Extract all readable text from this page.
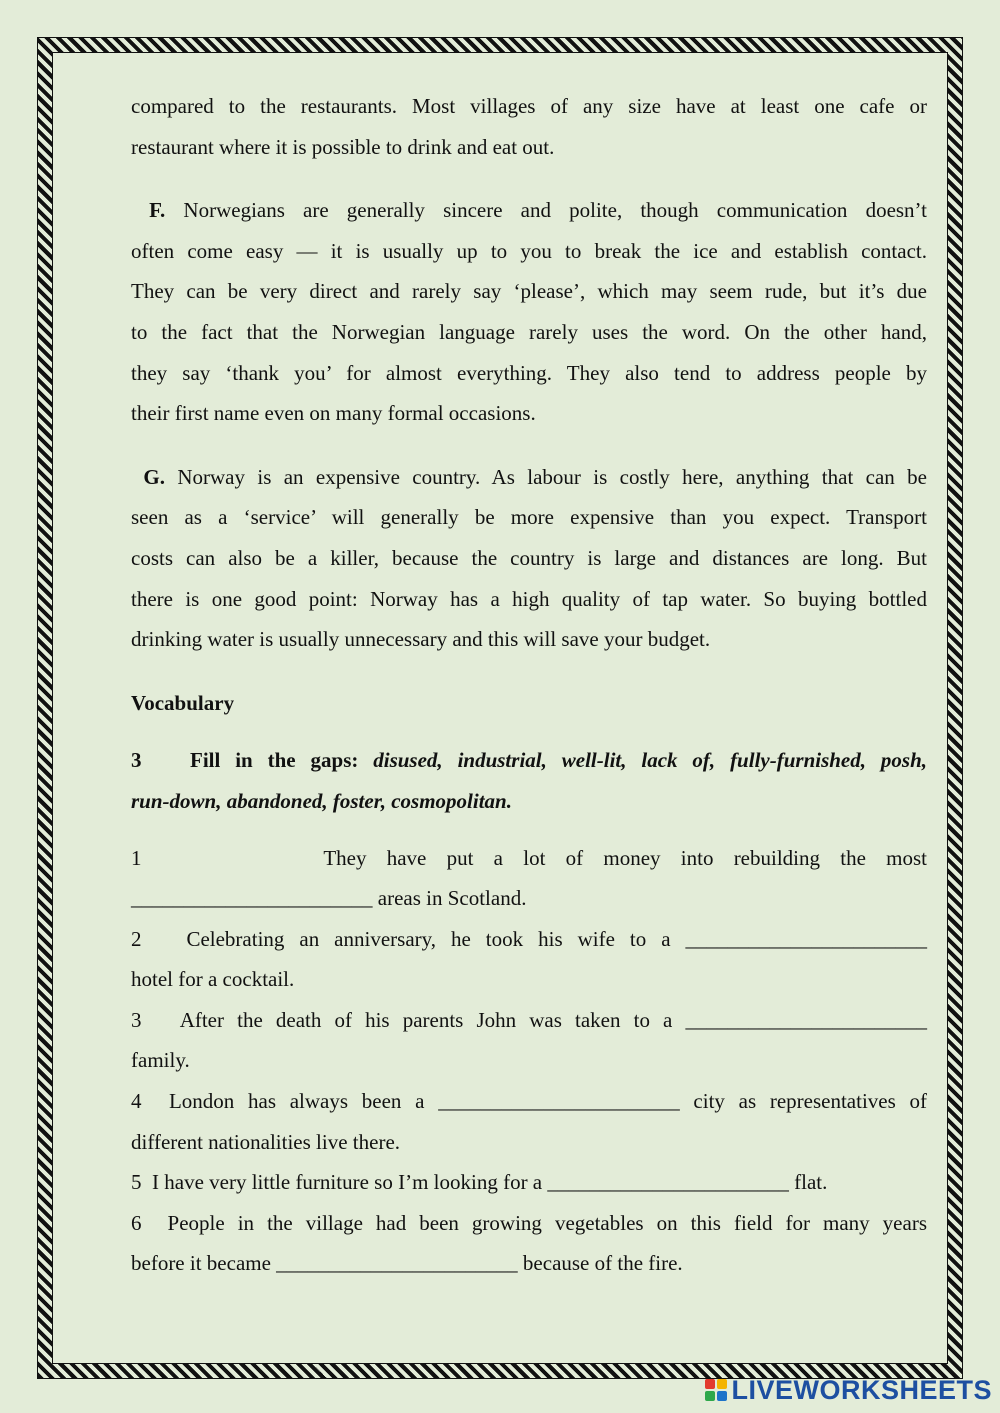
compared to the restaurants. Most villages of any size have at least one cafe or

restaurant where it is possible to drink and eat out.

F. Norwegians are generally sincere and polite, though communication doesn’t

often come easy — it is usually up to you to break the ice and establish contact.

They can be very direct and rarely say ‘please’, which may seem rude, but it’s due

to the fact that the Norwegian language rarely uses the word. On the other hand,

they say ‘thank you’ for almost everything. They also tend to address people by

their first name even on many formal occasions.

G. Norway is an expensive country. As labour is costly here, anything that can be

seen as a ‘service’ will generally be more expensive than you expect. Transport

costs can also be a killer, because the country is large and distances are long. But

there is one good point: Norway has a high quality of tap water. So buying bottled

drinking water is usually unnecessary and this will save your budget.

Vocabulary

3 Fill in the gaps: disused, industrial, well-lit, lack of, fully-furnished, posh,

run-down, abandoned, foster, cosmopolitan.

1	They have put a lot of money into rebuilding the most

_______________________ areas in Scotland.

2 Celebrating an anniversary, he took his wife to a _______________________

hotel for a cocktail.

3 After the death of his parents John was taken to a _______________________

family.

4 London has always been a _______________________ city as representatives of

different nationalities live there.

5 I have very little furniture so I’m looking for a _______________________ flat.

6 People in the village had been growing vegetables on this field for many years

before it became _______________________ because of the fire.

LIVEWORKSHEETS
